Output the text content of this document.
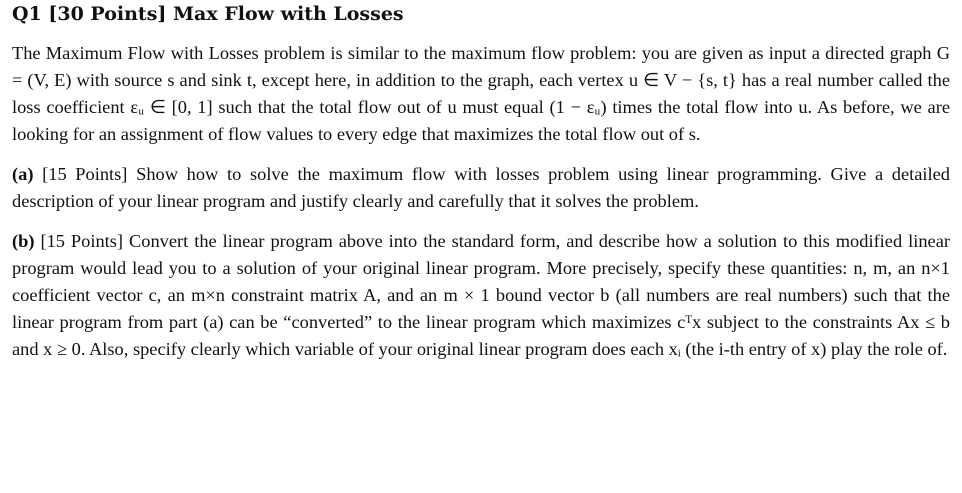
Q1 [30 Points] Max Flow with Losses

The Maximum Flow with Losses problem is similar to the maximum flow problem: you are given as input a directed graph G = (V, E) with source s and sink t, except here, in addition to the graph, each vertex u ∈ V − {s, t} has a real number called the loss coefficient εᵤ ∈ [0, 1] such that the total flow out of u must equal (1 − εᵤ) times the total flow into u. As before, we are looking for an assignment of flow values to every edge that maximizes the total flow out of s.

(a) [15 Points] Show how to solve the maximum flow with losses problem using linear programming. Give a detailed description of your linear program and justify clearly and carefully that it solves the problem.

(b) [15 Points] Convert the linear program above into the standard form, and describe how a solution to this modified linear program would lead you to a solution of your original linear program. More precisely, specify these quantities: n, m, an n×1 coefficient vector c, an m×n constraint matrix A, and an m × 1 bound vector b (all numbers are real numbers) such that the linear program from part (a) can be “converted” to the linear program which maximizes cᵀx subject to the constraints Ax ≤ b and x ≥ 0. Also, specify clearly which variable of your original linear program does each xᵢ (the i-th entry of x) play the role of.
